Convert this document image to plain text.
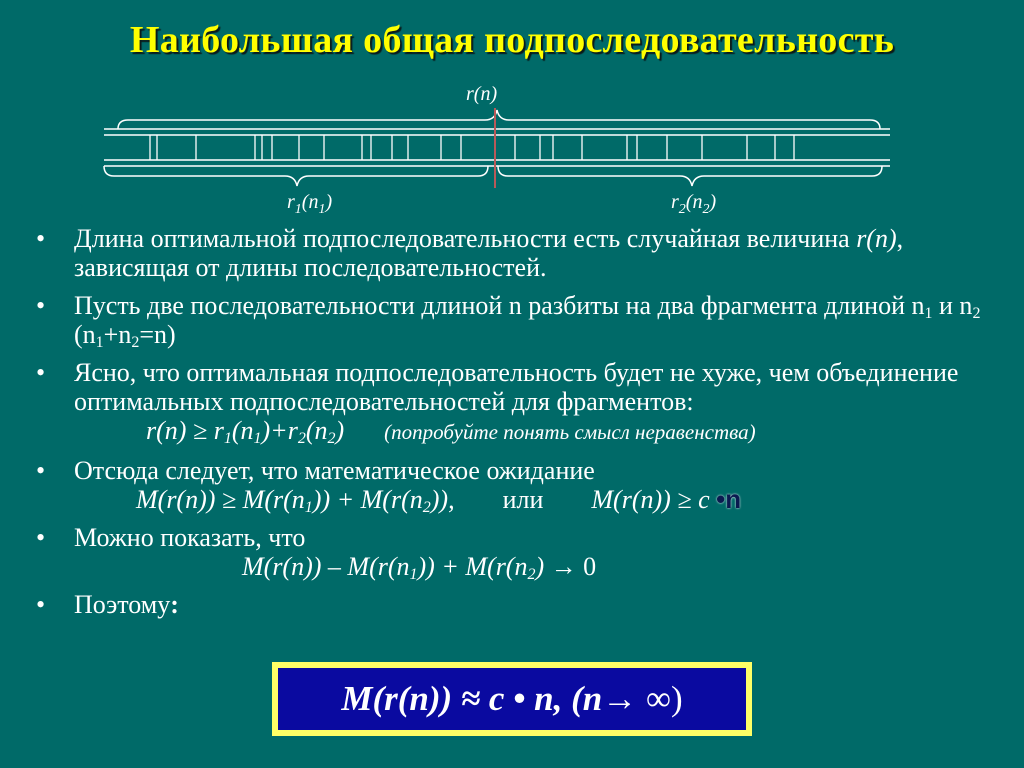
Наибольшая общая подпоследовательность
r(n)
$r_1(n_1)$	$r_2(n_2)$
• Длина оптимальной подпоследовательности есть случайная величина r(n), зависящая от длины последовательностей.
• Пусть две последовательности длиной n разбиты на два фрагмента длиной $n_1$ и $n_2$ $(n_1+n_2=n)$
• Ясно, что оптимальная подпоследовательность будет не хуже, чем объединение оптимальных подпоследовательностей для фрагментов:
$r(n) \ge r_1(n_1)+r_2(n_2)$ (попробуйте понять смысл неравенства)
• Отсюда следует, что математическое ожидание
$M(r(n)) \ge M(r(n_1)) + M(r(n_2))$, или M(r(n)) ≥ c •n
• Можно показать, что
$M(r(n)) - M(r(n_1)) + M(r(n_2) \to 0$
• Поэтому:
M(r(n)) ≈ c • n, (n → ∞ )
